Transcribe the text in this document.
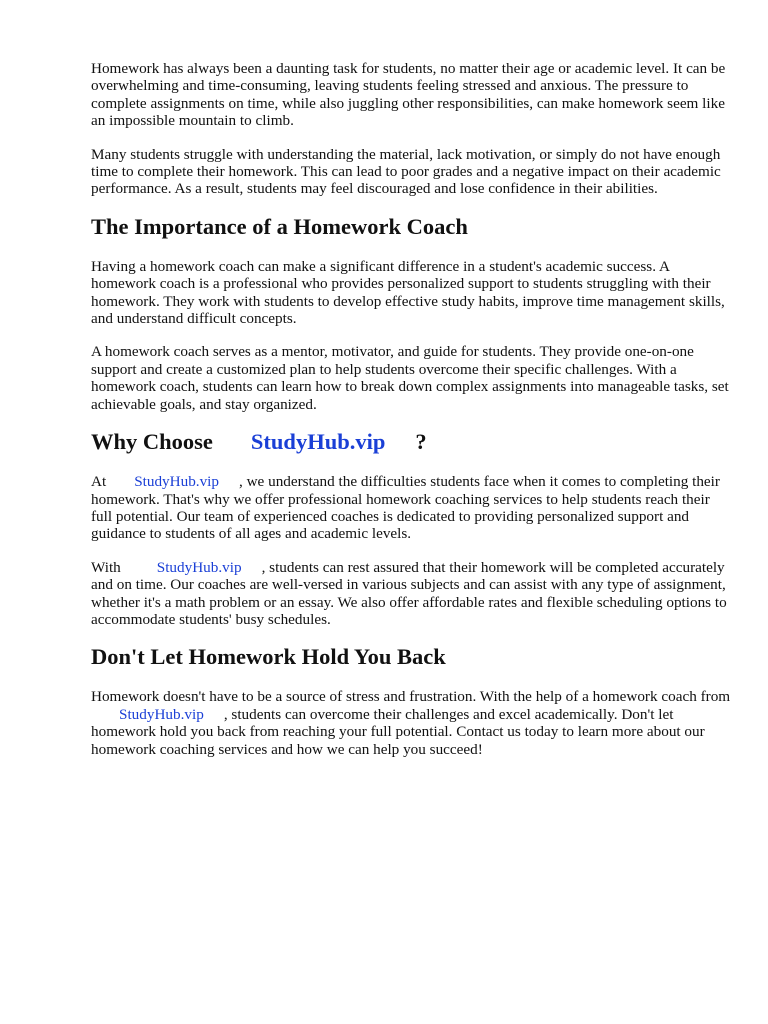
Homework has always been a daunting task for students, no matter their age or academic level. It can be overwhelming and time-consuming, leaving students feeling stressed and anxious. The pressure to complete assignments on time, while also juggling other responsibilities, can make homework seem like an impossible mountain to climb.

Many students struggle with understanding the material, lack motivation, or simply do not have enough time to complete their homework. This can lead to poor grades and a negative impact on their academic performance. As a result, students may feel discouraged and lose confidence in their abilities.

The Importance of a Homework Coach

Having a homework coach can make a significant difference in a student's academic success. A homework coach is a professional who provides personalized support to students struggling with their homework. They work with students to develop effective study habits, improve time management skills, and understand difficult concepts.

A homework coach serves as a mentor, motivator, and guide for students. They provide one-on-one support and create a customized plan to help students overcome their specific challenges. With a homework coach, students can learn how to break down complex assignments into manageable tasks, set achievable goals, and stay organized.

Why Choose StudyHub.vip ?

At StudyHub.vip , we understand the difficulties students face when it comes to completing their homework. That's why we offer professional homework coaching services to help students reach their full potential. Our team of experienced coaches is dedicated to providing personalized support and guidance to students of all ages and academic levels.

With StudyHub.vip , students can rest assured that their homework will be completed accurately and on time. Our coaches are well-versed in various subjects and can assist with any type of assignment, whether it's a math problem or an essay. We also offer affordable rates and flexible scheduling options to accommodate students' busy schedules.

Don't Let Homework Hold You Back

Homework doesn't have to be a source of stress and frustration. With the help of a homework coach fromStudyHub.vip , students can overcome their challenges and excel academically. Don't let homework hold you back from reaching your full potential. Contact us today to learn more about our homework coaching services and how we can help you succeed!
